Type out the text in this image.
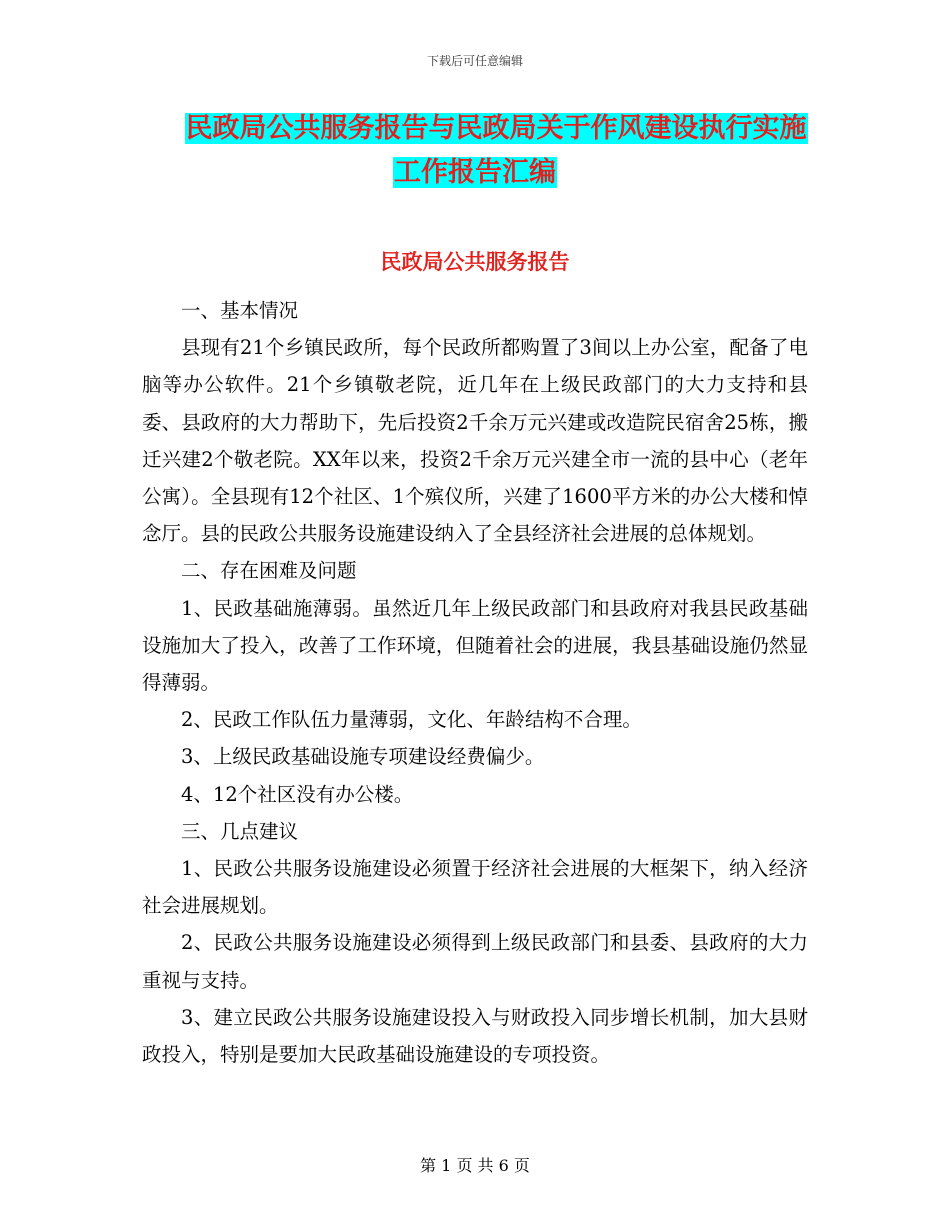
下载后可任意编辑
民政局公共服务报告与民政局关于作风建设执行实施
工作报告汇编
民政局公共服务报告

一、基本情况

县现有21个乡镇民政所，每个民政所都购置了3间以上办公室，配备了电脑等办公软件。21个乡镇敬老院，近几年在上级民政部门的大力支持和县委、县政府的大力帮助下，先后投资2千余万元兴建或改造院民宿舍25栋，搬迁兴建2个敬老院。XX年以来，投资2千余万元兴建全市一流的县中心（老年公寓）。全县现有12个社区、1个殡仪所，兴建了1600平方米的办公大楼和悼念厅。县的民政公共服务设施建设纳入了全县经济社会进展的总体规划。

二、存在困难及问题

1、民政基础施薄弱。虽然近几年上级民政部门和县政府对我县民政基础设施加大了投入，改善了工作环境，但随着社会的进展，我县基础设施仍然显得薄弱。

2、民政工作队伍力量薄弱，文化、年龄结构不合理。

3、上级民政基础设施专项建设经费偏少。

4、12个社区没有办公楼。

三、几点建议

1、民政公共服务设施建设必须置于经济社会进展的大框架下，纳入经济社会进展规划。

2、民政公共服务设施建设必须得到上级民政部门和县委、县政府的大力重视与支持。

3、建立民政公共服务设施建设投入与财政投入同步增长机制，加大县财政投入，特别是要加大民政基础设施建设的专项投资。

第 1 页 共 6 页
